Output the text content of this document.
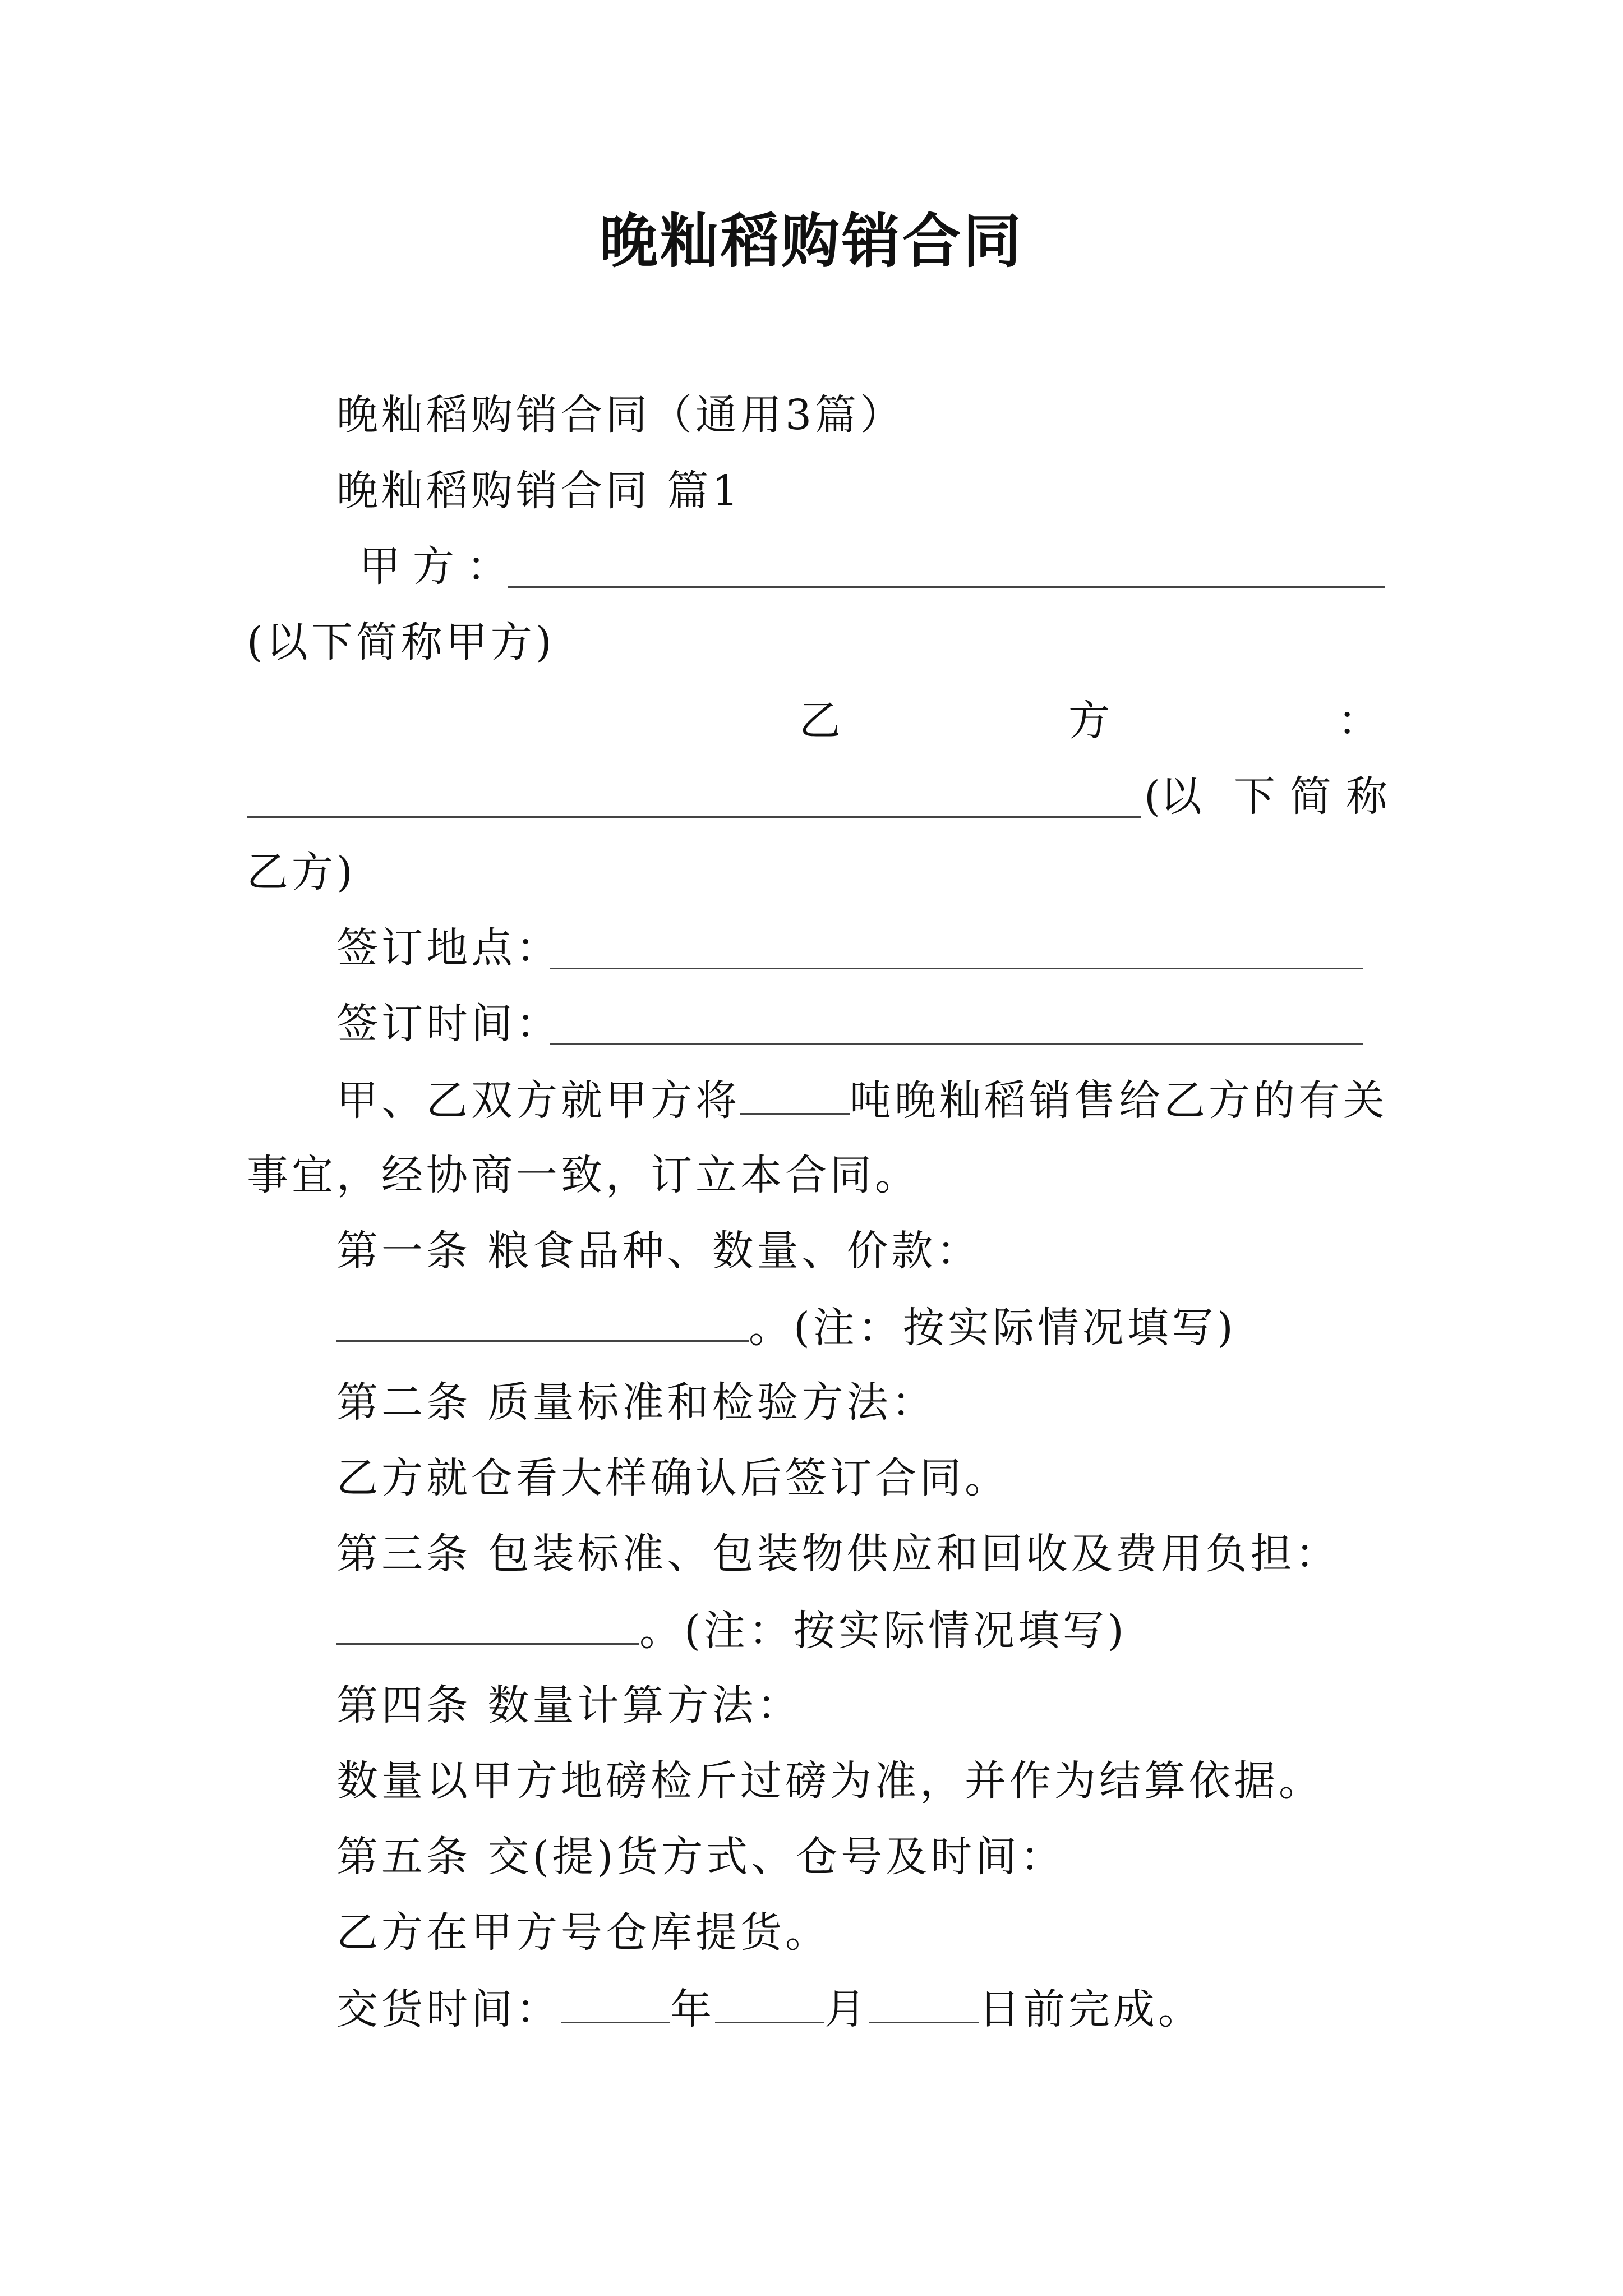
晚籼稻购销合同
晚籼稻购销合同（通用3篇）
晚籼稻购销合同 篇1
甲方：
(以下简称甲方)
乙	方	：
(以 下 简 称
乙方)
签订地点：
签订时间：
甲、乙双方就甲方将	吨晚籼稻销售给乙方的有关
事宜，经协商一致，订立本合同。
第一条 粮食品种、数量、价款：
。(注：按实际情况填写)
第二条 质量标准和检验方法：
乙方就仓看大样确认后签订合同。
第三条 包装标准、包装物供应和回收及费用负担：
。(注：按实际情况填写)
第四条 数量计算方法：
数量以甲方地磅检斤过磅为准，并作为结算依据。
第五条 交(提)货方式、仓号及时间：
乙方在甲方号仓库提货。
交货时间：	年	月	日前完成。
